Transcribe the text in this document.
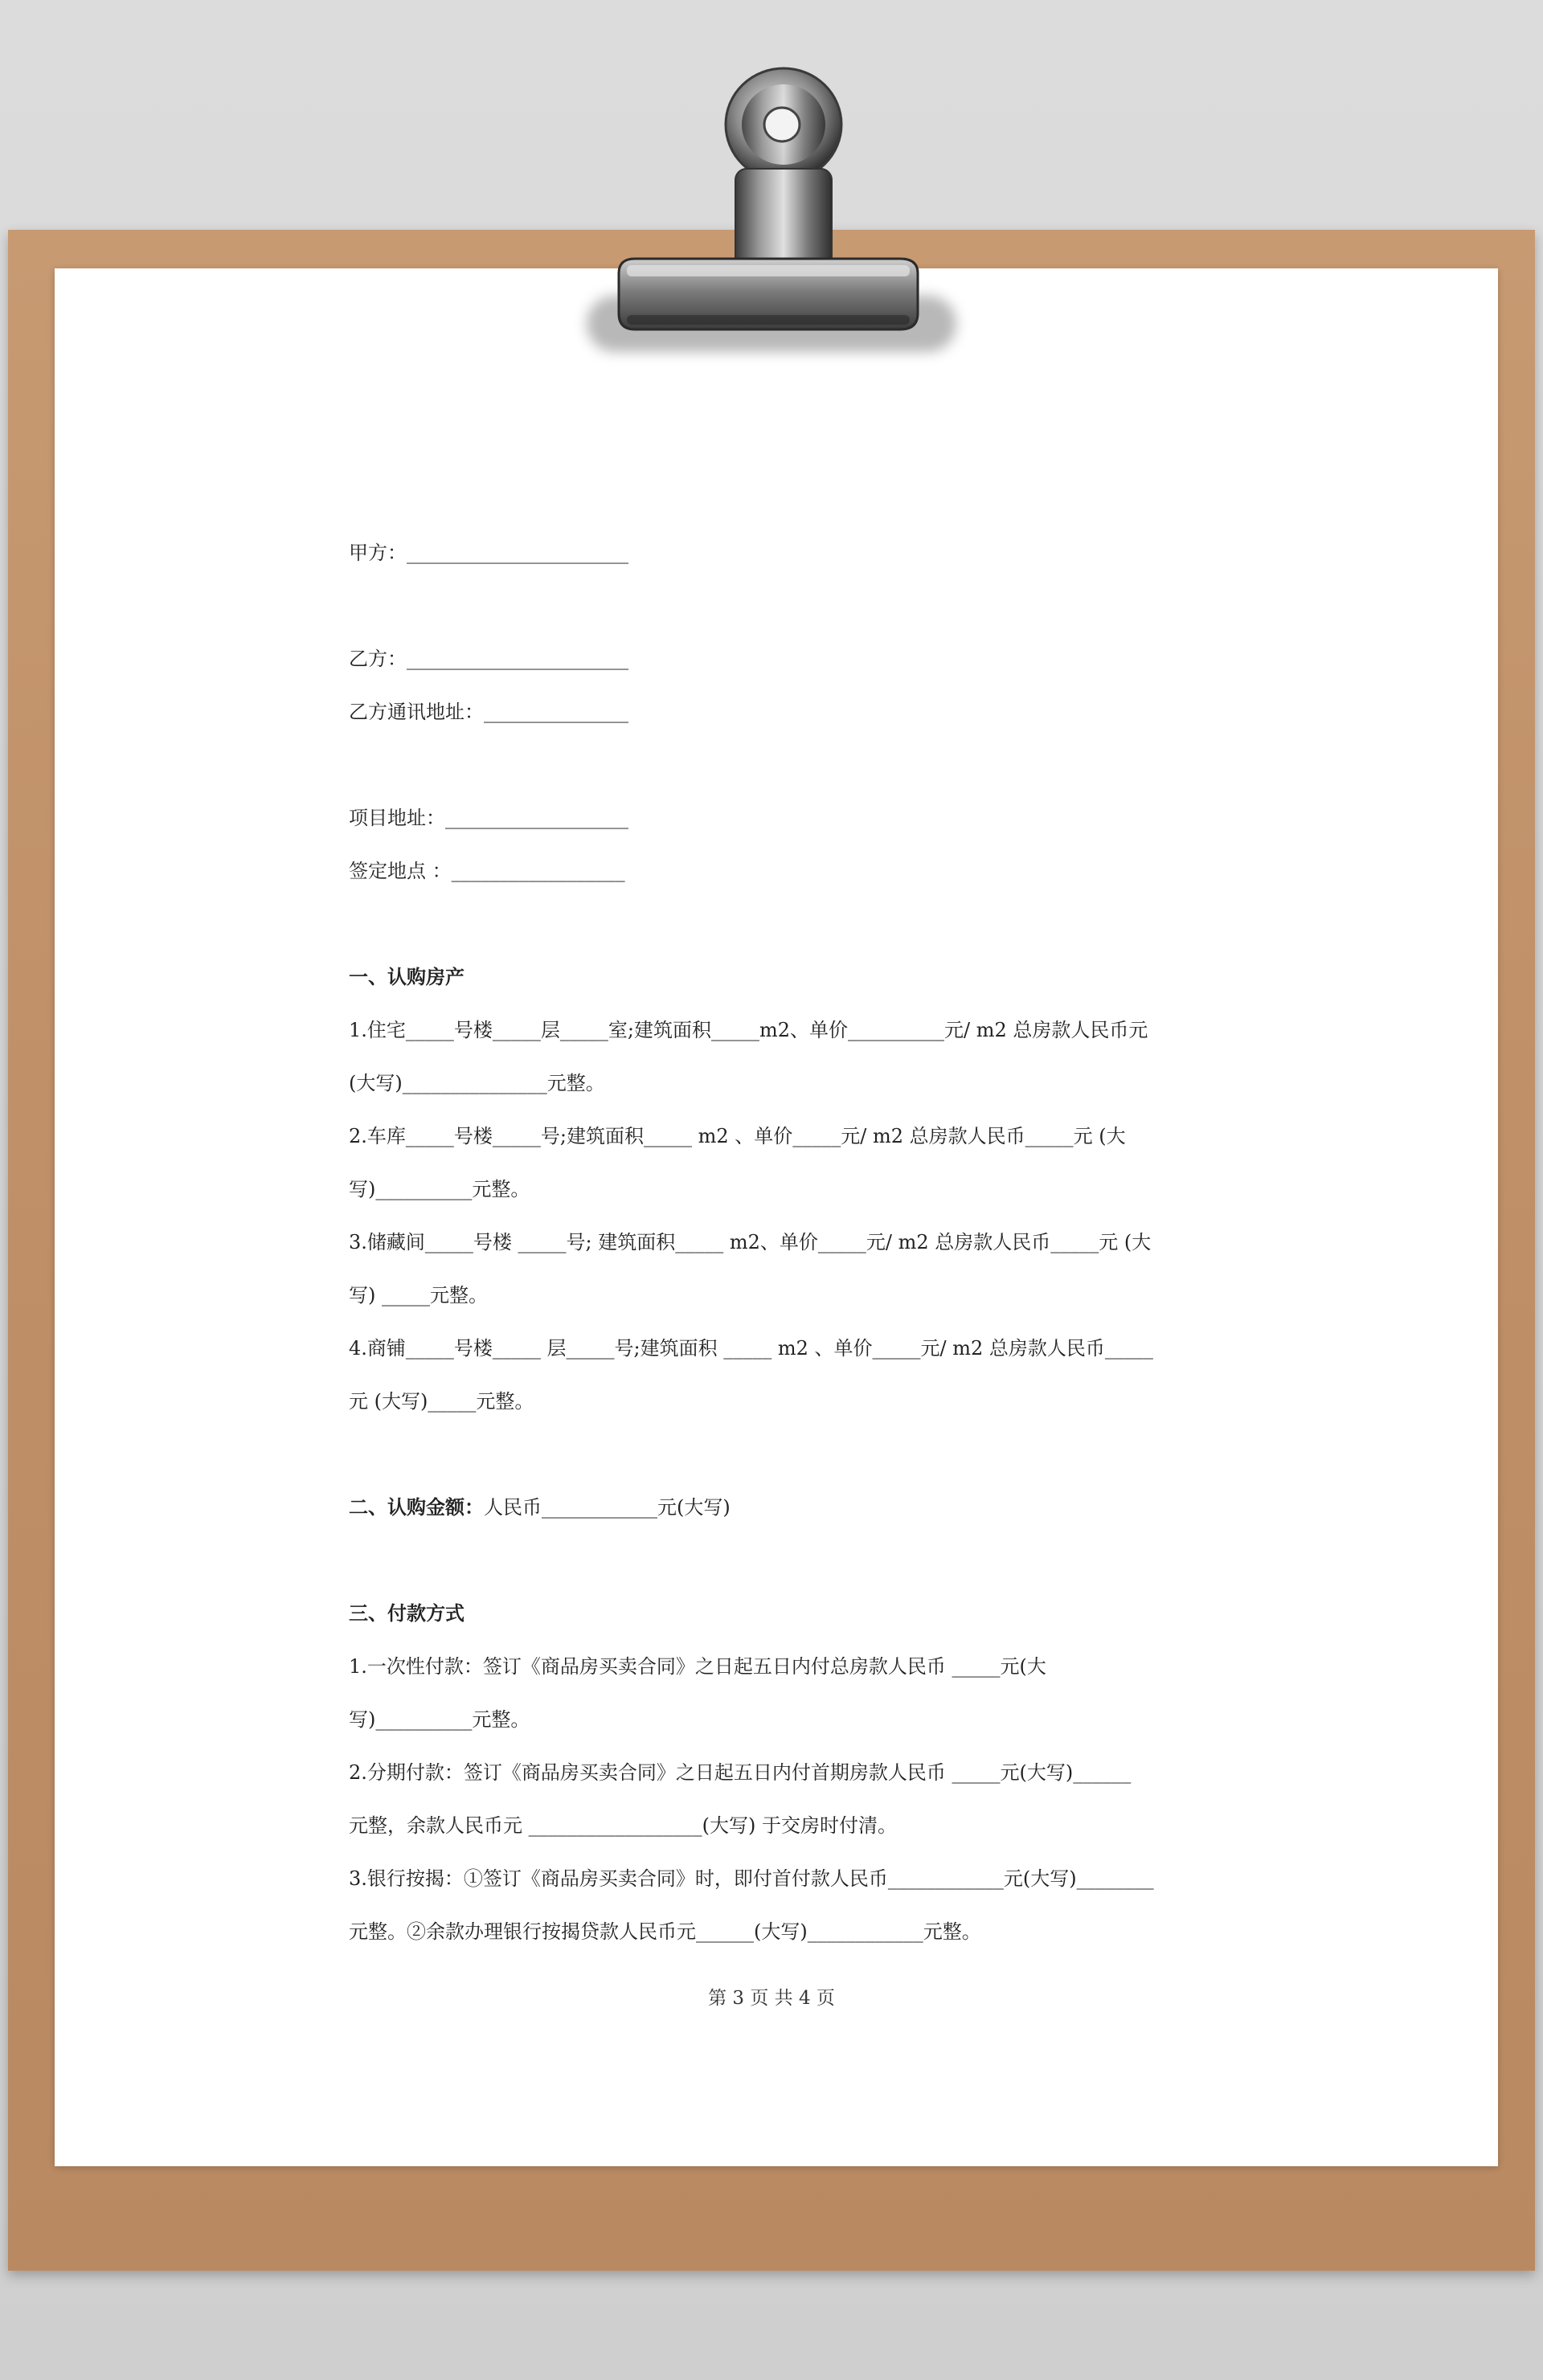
甲方：_______________________
乙方：_______________________
乙方通讯地址：_______________
项目地址：___________________
签定地点 ：__________________
一、认购房产
1.住宅_____号楼_____层_____室;建筑面积_____m2、单价__________元/ m2 总房款人民币元
(大写)_______________元整。
2.车库_____号楼_____号;建筑面积_____ m2 、单价_____元/ m2 总房款人民币_____元 (大
写)__________元整。
3.储藏间_____号楼 _____号; 建筑面积_____ m2、单价_____元/ m2 总房款人民币_____元 (大
写) _____元整。
4.商铺_____号楼_____ 层_____号;建筑面积 _____ m2 、单价_____元/ m2 总房款人民币_____
元 (大写)_____元整。
二、认购金额：人民币____________元(大写)
三、付款方式
1.一次性付款：签订《商品房买卖合同》之日起五日内付总房款人民币 _____元(大
写)__________元整。
2.分期付款：签订《商品房买卖合同》之日起五日内付首期房款人民币 _____元(大写)______
元整，余款人民币元 __________________(大写) 于交房时付清。
3.银行按揭：①签订《商品房买卖合同》时，即付首付款人民币____________元(大写)________
元整。②余款办理银行按揭贷款人民币元______(大写)____________元整。
第 3 页 共 4 页
